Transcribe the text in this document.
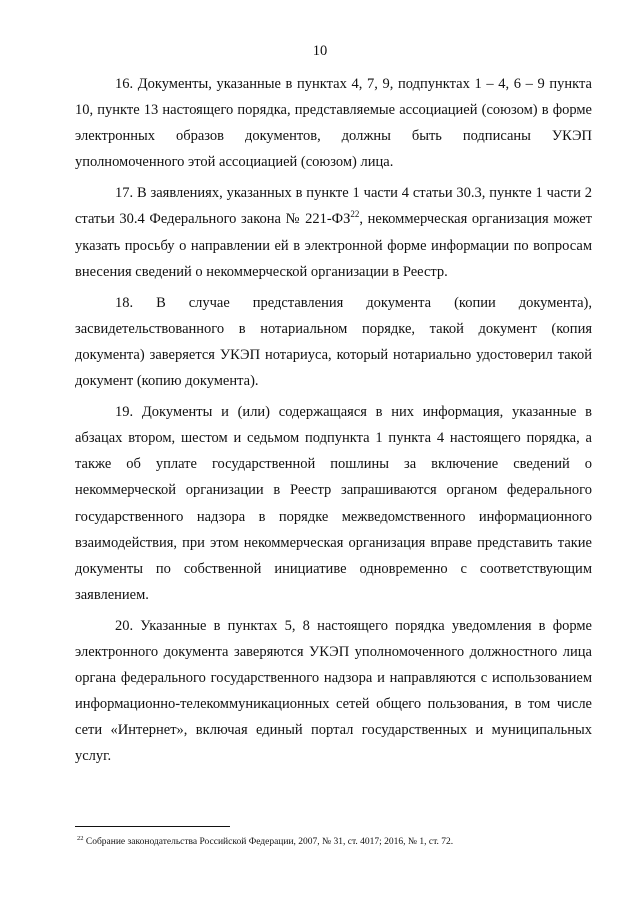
10

16. Документы, указанные в пунктах 4, 7, 9, подпунктах 1 – 4, 6 – 9 пункта 10, пункте 13 настоящего порядка, представляемые ассоциацией (союзом) в форме электронных образов документов, должны быть подписаны УКЭП уполномоченного этой ассоциацией (союзом) лица.

17. В заявлениях, указанных в пункте 1 части 4 статьи 30.3, пункте 1 части 2 статьи 30.4 Федерального закона № 221-ФЗ$^{22}$, некоммерческая организация может указать просьбу о направлении ей в электронной форме информации по вопросам внесения сведений о некоммерческой организации в Реестр.

18. В случае представления документа (копии документа), засвидетельствованного в нотариальном порядке, такой документ (копия документа) заверяется УКЭП нотариуса, который нотариально удостоверил такой документ (копию документа).

19. Документы и (или) содержащаяся в них информация, указанные в абзацах втором, шестом и седьмом подпункта 1 пункта 4 настоящего порядка, а также об уплате государственной пошлины за включение сведений о некоммерческой организации в Реестр запрашиваются органом федерального государственного надзора в порядке межведомственного информационного взаимодействия, при этом некоммерческая организация вправе представить такие документы по собственной инициативе одновременно с соответствующим заявлением.

20. Указанные в пунктах 5, 8 настоящего порядка уведомления в форме электронного документа заверяются УКЭП уполномоченного должностного лица органа федерального государственного надзора и направляются с использованием информационно-телекоммуникационных сетей общего пользования, в том числе сети «Интернет», включая единый портал государственных и муниципальных услуг.

$^{22}$ Собрание законодательства Российской Федерации, 2007, № 31, ст. 4017; 2016, № 1, ст. 72.
